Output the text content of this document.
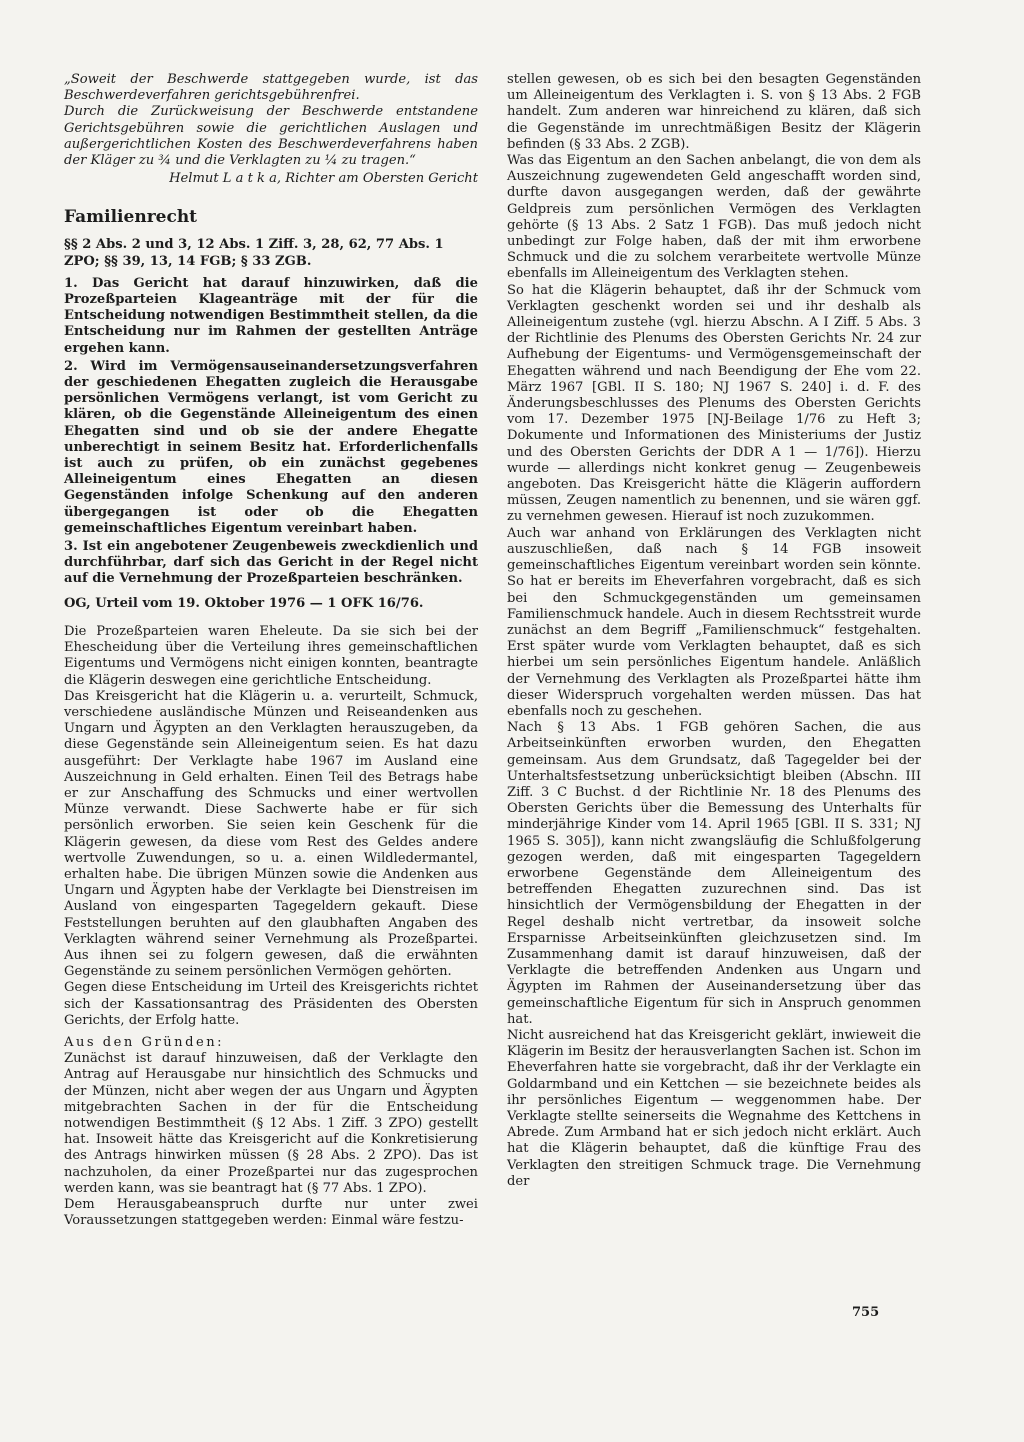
„Soweit der Beschwerde stattgegeben wurde, ist das Beschwerdeverfahren gerichtsgebührenfrei.

Durch die Zurückweisung der Beschwerde entstandene Gerichtsgebühren sowie die gerichtlichen Auslagen und außergerichtlichen Kosten des Beschwerdeverfahrens haben der Kläger zu ¾ und die Verklagten zu ¼ zu tragen.“

Helmut L a t k a, Richter am Obersten Gericht
Familienrecht
§§ 2 Abs. 2 und 3, 12 Abs. 1 Ziff. 3, 28, 62, 77 Abs. 1 ZPO; §§ 39, 13, 14 FGB; § 33 ZGB.
1. Das Gericht hat darauf hinzuwirken, daß die Prozeßparteien Klageanträge mit der für die Entscheidung notwendigen Bestimmtheit stellen, da die Entscheidung nur im Rahmen der gestellten Anträge ergehen kann.
2. Wird im Vermögensauseinandersetzungsverfahren der geschiedenen Ehegatten zugleich die Herausgabe persönlichen Vermögens verlangt, ist vom Gericht zu klären, ob die Gegenstände Alleineigentum des einen Ehegatten sind und ob sie der andere Ehegatte unberechtigt in seinem Besitz hat. Erforderlichenfalls ist auch zu prüfen, ob ein zunächst gegebenes Alleineigentum eines Ehegatten an diesen Gegenständen infolge Schenkung auf den anderen übergegangen ist oder ob die Ehegatten gemeinschaftliches Eigentum vereinbart haben.
3. Ist ein angebotener Zeugenbeweis zweckdienlich und durchführbar, darf sich das Gericht in der Regel nicht auf die Vernehmung der Prozeßparteien beschränken.
OG, Urteil vom 19. Oktober 1976 — 1 OFK 16/76.

Die Prozeßparteien waren Eheleute. Da sie sich bei der Ehescheidung über die Verteilung ihres gemeinschaftlichen Eigentums und Vermögens nicht einigen konnten, beantragte die Klägerin deswegen eine gerichtliche Entscheidung.

Das Kreisgericht hat die Klägerin u. a. verurteilt, Schmuck, verschiedene ausländische Münzen und Reiseandenken aus Ungarn und Ägypten an den Verklagten herauszugeben, da diese Gegenstände sein Alleineigentum seien. Es hat dazu ausgeführt: Der Verklagte habe 1967 im Ausland eine Auszeichnung in Geld erhalten. Einen Teil des Betrags habe er zur Anschaffung des Schmucks und einer wertvollen Münze verwandt. Diese Sachwerte habe er für sich persönlich erworben. Sie seien kein Geschenk für die Klägerin gewesen, da diese vom Rest des Geldes andere wertvolle Zuwendungen, so u. a. einen Wildledermantel, erhalten habe. Die übrigen Münzen sowie die Andenken aus Ungarn und Ägypten habe der Verklagte bei Dienstreisen im Ausland von eingesparten Tagegeldern gekauft. Diese Feststellungen beruhten auf den glaubhaften Angaben des Verklagten während seiner Vernehmung als Prozeßpartei. Aus ihnen sei zu folgern gewesen, daß die erwähnten Gegenstände zu seinem persönlichen Vermögen gehörten.

Gegen diese Entscheidung im Urteil des Kreisgerichts richtet sich der Kassationsantrag des Präsidenten des Obersten Gerichts, der Erfolg hatte.

Aus den Gründen:

Zunächst ist darauf hinzuweisen, daß der Verklagte den Antrag auf Herausgabe nur hinsichtlich des Schmucks und der Münzen, nicht aber wegen der aus Ungarn und Ägypten mitgebrachten Sachen in der für die Entscheidung notwendigen Bestimmtheit (§ 12 Abs. 1 Ziff. 3 ZPO) gestellt hat. Insoweit hätte das Kreisgericht auf die Konkretisierung des Antrags hinwirken müssen (§ 28 Abs. 2 ZPO). Das ist nachzuholen, da einer Prozeßpartei nur das zugesprochen werden kann, was sie beantragt hat (§ 77 Abs. 1 ZPO).

Dem Herausgabeanspruch durfte nur unter zwei Voraussetzungen stattgegeben werden: Einmal wäre festzu-

stellen gewesen, ob es sich bei den besagten Gegenständen um Alleineigentum des Verklagten i. S. von § 13 Abs. 2 FGB handelt. Zum anderen war hinreichend zu klären, daß sich die Gegenstände im unrechtmäßigen Besitz der Klägerin befinden (§ 33 Abs. 2 ZGB).

Was das Eigentum an den Sachen anbelangt, die von dem als Auszeichnung zugewendeten Geld angeschafft worden sind, durfte davon ausgegangen werden, daß der gewährte Geldpreis zum persönlichen Vermögen des Verklagten gehörte (§ 13 Abs. 2 Satz 1 FGB). Das muß jedoch nicht unbedingt zur Folge haben, daß der mit ihm erworbene Schmuck und die zu solchem verarbeitete wertvolle Münze ebenfalls im Alleineigentum des Verklagten stehen.

So hat die Klägerin behauptet, daß ihr der Schmuck vom Verklagten geschenkt worden sei und ihr deshalb als Alleineigentum zustehe (vgl. hierzu Abschn. A I Ziff. 5 Abs. 3 der Richtlinie des Plenums des Obersten Gerichts Nr. 24 zur Aufhebung der Eigentums- und Vermögensgemeinschaft der Ehegatten während und nach Beendigung der Ehe vom 22. März 1967 [GBl. II S. 180; NJ 1967 S. 240] i. d. F. des Änderungsbeschlusses des Plenums des Obersten Gerichts vom 17. Dezember 1975 [NJ-Beilage 1/76 zu Heft 3; Dokumente und Informationen des Ministeriums der Justiz und des Obersten Gerichts der DDR A 1 — 1/76]). Hierzu wurde — allerdings nicht konkret genug — Zeugenbeweis angeboten. Das Kreisgericht hätte die Klägerin auffordern müssen, Zeugen namentlich zu benennen, und sie wären ggf. zu vernehmen gewesen. Hierauf ist noch zuzukommen.

Auch war anhand von Erklärungen des Verklagten nicht auszuschließen, daß nach § 14 FGB insoweit gemeinschaftliches Eigentum vereinbart worden sein könnte. So hat er bereits im Eheverfahren vorgebracht, daß es sich bei den Schmuckgegenständen um gemeinsamen Familienschmuck handele. Auch in diesem Rechtsstreit wurde zunächst an dem Begriff „Familienschmuck“ festgehalten. Erst später wurde vom Verklagten behauptet, daß es sich hierbei um sein persönliches Eigentum handele. Anläßlich der Vernehmung des Verklagten als Prozeßpartei hätte ihm dieser Widerspruch vorgehalten werden müssen. Das hat ebenfalls noch zu geschehen.

Nach § 13 Abs. 1 FGB gehören Sachen, die aus Arbeitseinkünften erworben wurden, den Ehegatten gemeinsam. Aus dem Grundsatz, daß Tagegelder bei der Unterhaltsfestsetzung unberücksichtigt bleiben (Abschn. III Ziff. 3 C Buchst. d der Richtlinie Nr. 18 des Plenums des Obersten Gerichts über die Bemessung des Unterhalts für minderjährige Kinder vom 14. April 1965 [GBl. II S. 331; NJ 1965 S. 305]), kann nicht zwangsläufig die Schlußfolgerung gezogen werden, daß mit eingesparten Tagegeldern erworbene Gegenstände dem Alleineigentum des betreffenden Ehegatten zuzurechnen sind. Das ist hinsichtlich der Vermögensbildung der Ehegatten in der Regel deshalb nicht vertretbar, da insoweit solche Ersparnisse Arbeitseinkünften gleichzusetzen sind. Im Zusammenhang damit ist darauf hinzuweisen, daß der Verklagte die betreffenden Andenken aus Ungarn und Ägypten im Rahmen der Auseinandersetzung über das gemeinschaftliche Eigentum für sich in Anspruch genommen hat.

Nicht ausreichend hat das Kreisgericht geklärt, inwieweit die Klägerin im Besitz der herausverlangten Sachen ist. Schon im Eheverfahren hatte sie vorgebracht, daß ihr der Verklagte ein Goldarmband und ein Kettchen — sie bezeichnete beides als ihr persönliches Eigentum — weggenommen habe. Der Verklagte stellte seinerseits die Wegnahme des Kettchens in Abrede. Zum Armband hat er sich jedoch nicht erklärt. Auch hat die Klägerin behauptet, daß die künftige Frau des Verklagten den streitigen Schmuck trage. Die Vernehmung der

755
